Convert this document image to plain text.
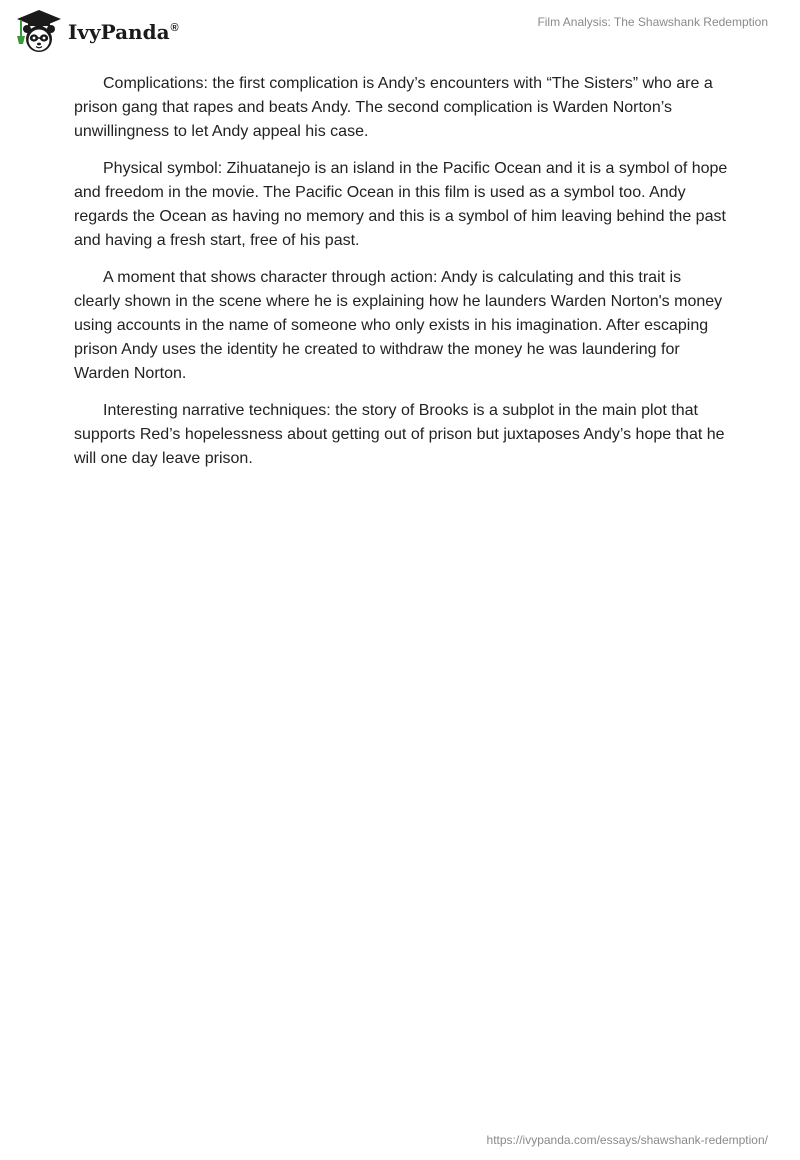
IvyPanda®	Film Analysis: The Shawshank Redemption

Complications: the first complication is Andy’s encounters with “The Sisters” who are a prison gang that rapes and beats Andy. The second complication is Warden Norton’s unwillingness to let Andy appeal his case.

Physical symbol: Zihuatanejo is an island in the Pacific Ocean and it is a symbol of hope and freedom in the movie. The Pacific Ocean in this film is used as a symbol too. Andy regards the Ocean as having no memory and this is a symbol of him leaving behind the past and having a fresh start, free of his past.

A moment that shows character through action: Andy is calculating and this trait is clearly shown in the scene where he is explaining how he launders Warden Norton's money using accounts in the name of someone who only exists in his imagination. After escaping prison Andy uses the identity he created to withdraw the money he was laundering for Warden Norton.

Interesting narrative techniques: the story of Brooks is a subplot in the main plot that supports Red’s hopelessness about getting out of prison but juxtaposes Andy’s hope that he will one day leave prison.

https://ivypanda.com/essays/shawshank-redemption/
